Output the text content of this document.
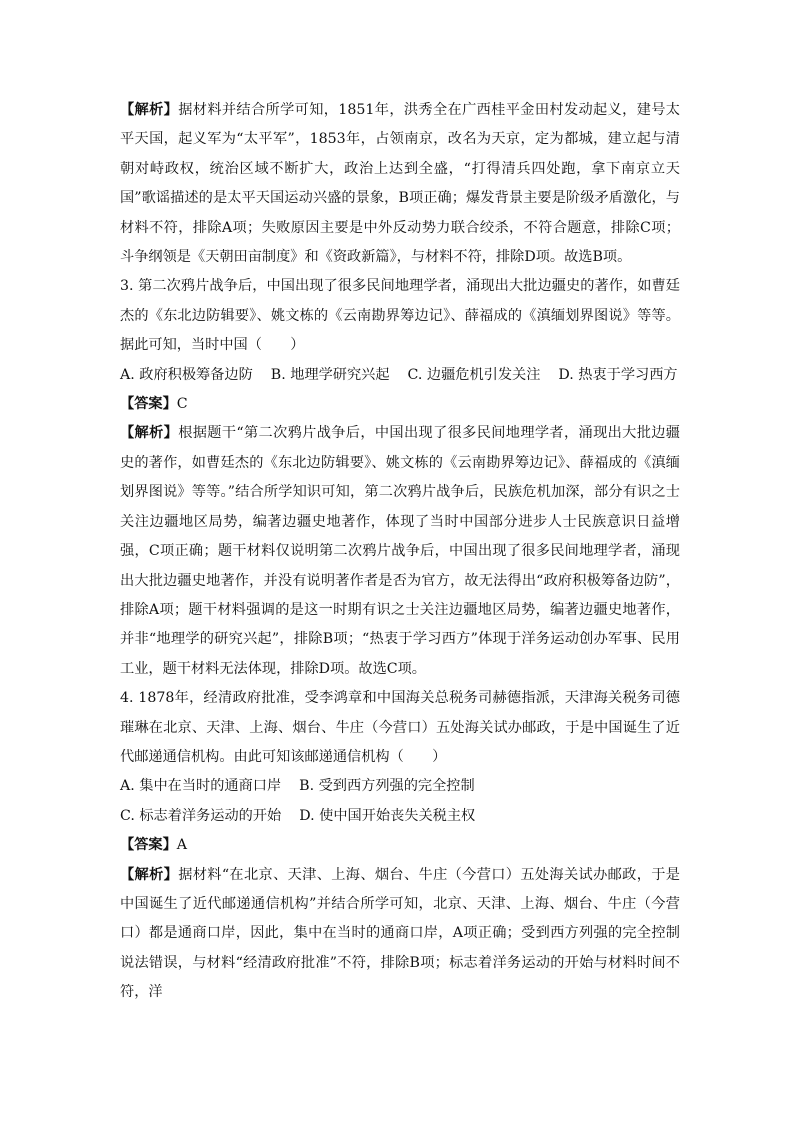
【解析】据材料并结合所学可知，1851年，洪秀全在广西桂平金田村发动起义，建号太平天国，起义军为“太平军”，1853年，占领南京，改名为天京，定为都城，建立起与清朝对峙政权，统治区域不断扩大，政治上达到全盛，“打得清兵四处跑，拿下南京立天国”歌谣描述的是太平天国运动兴盛的景象，B项正确；爆发背景主要是阶级矛盾激化，与材料不符，排除A项；失败原因主要是中外反动势力联合绞杀，不符合题意，排除C项；斗争纲领是《天朝田亩制度》和《资政新篇》，与材料不符，排除D项。故选B项。

3. 第二次鸦片战争后，中国出现了很多民间地理学者，涌现出大批边疆史的著作，如曹廷杰的《东北边防辑要》、姚文栋的《云南勘界筹边记》、薛福成的《滇缅划界图说》等等。据此可知，当时中国（　　）

A. 政府积极筹备边防 B. 地理学研究兴起 C. 边疆危机引发关注 D. 热衷于学习西方

【答案】C

【解析】根据题干“第二次鸦片战争后，中国出现了很多民间地理学者，涌现出大批边疆史的著作，如曹廷杰的《东北边防辑要》、姚文栋的《云南勘界筹边记》、薛福成的《滇缅划界图说》等等。”结合所学知识可知，第二次鸦片战争后，民族危机加深，部分有识之士关注边疆地区局势，编著边疆史地著作，体现了当时中国部分进步人士民族意识日益增强，C项正确；题干材料仅说明第二次鸦片战争后，中国出现了很多民间地理学者，涌现出大批边疆史地著作，并没有说明著作者是否为官方，故无法得出“政府积极筹备边防”，排除A项；题干材料强调的是这一时期有识之士关注边疆地区局势，编著边疆史地著作，并非“地理学的研究兴起”，排除B项；“热衷于学习西方”体现于洋务运动创办军事、民用工业，题干材料无法体现，排除D项。故选C项。

4. 1878年，经清政府批准，受李鸿章和中国海关总税务司赫德指派，天津海关税务司德璀琳在北京、天津、上海、烟台、牛庄（今营口）五处海关试办邮政，于是中国诞生了近代邮递通信机构。由此可知该邮递通信机构（　　）

A. 集中在当时的通商口岸 B. 受到西方列强的完全控制

C. 标志着洋务运动的开始 D. 使中国开始丧失关税主权

【答案】A

【解析】据材料“在北京、天津、上海、烟台、牛庄（今营口）五处海关试办邮政，于是中国诞生了近代邮递通信机构”并结合所学可知，北京、天津、上海、烟台、牛庄（今营口）都是通商口岸，因此，集中在当时的通商口岸，A项正确；受到西方列强的完全控制说法错误，与材料“经清政府批准”不符，排除B项；标志着洋务运动的开始与材料时间不符，洋
